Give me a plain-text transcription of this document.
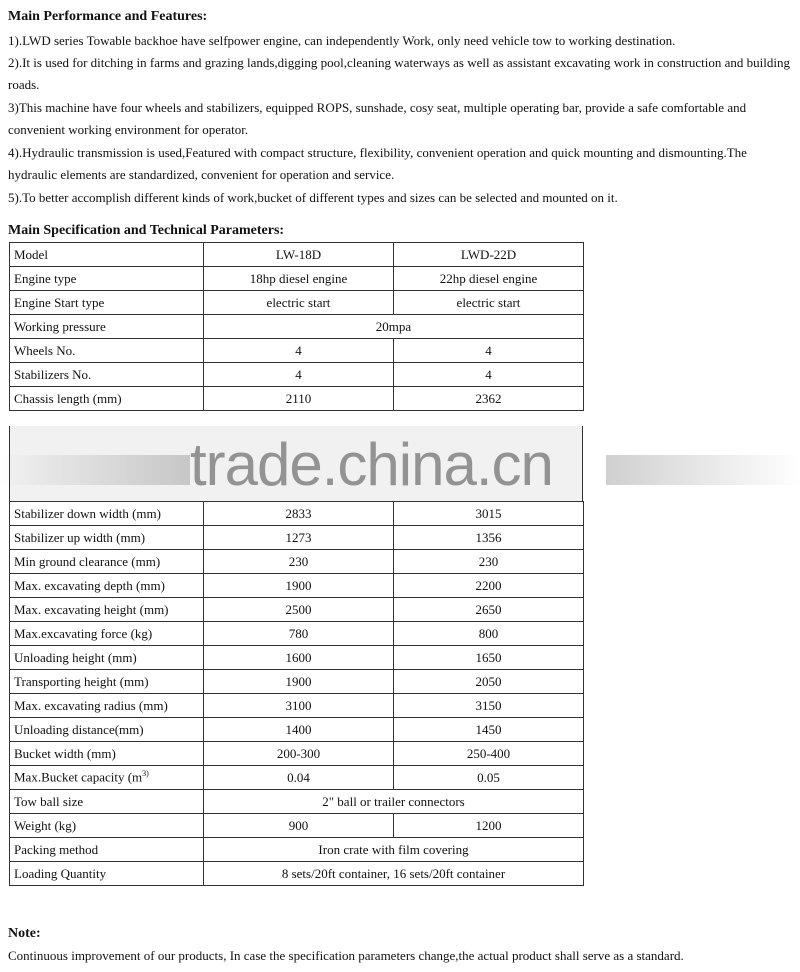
Main Performance and Features:
1).LWD series Towable backhoe have selfpower engine, can independently Work, only need vehicle tow to working destination.
2).It is used for ditching in farms and grazing lands,digging pool,cleaning waterways as well as assistant excavating work in construction and building roads.
3)This machine have four wheels and stabilizers, equipped ROPS, sunshade, cosy seat, multiple operating bar, provide a safe comfortable and convenient working environment for operator.
4).Hydraulic transmission is used,Featured with compact structure, flexibility, convenient operation and quick mounting and dismounting.The hydraulic elements are standardized, convenient for operation and service.
5).To better accomplish different kinds of work,bucket of different types and sizes can be selected and mounted on it.
Main Specification and Technical Parameters:
Model	LW-18D	LWD-22D
Engine type	18hp diesel engine	22hp diesel engine
Engine Start type	electric start	electric start
Working pressure	20mpa	
Wheels No.	4	4
Stabilizers No.	4	4
Chassis length (mm)	2110	2362
trade.china.cn
Stabilizer down width (mm)	2833	3015
Stabilizer up width (mm)	1273	1356
Min ground clearance (mm)	230	230
Max. excavating depth (mm)	1900	2200
Max. excavating height (mm)	2500	2650
Max.excavating force (kg)	780	800
Unloading height (mm)	1600	1650
Transporting height (mm)	1900	2050
Max. excavating radius (mm)	3100	3150
Unloading distance(mm)	1400	1450
Bucket width (mm)	200-300	250-400
Max.Bucket capacity ($m^{3)}$	0.04	0.05
Tow ball size	2" ball or trailer connectors	
Weight (kg)	900	1200
Packing method	Iron crate with film covering	
Loading Quantity	8 sets/20ft container, 16 sets/20ft container	
Note:
Continuous improvement of our products, In case the specification parameters change,the actual product shall serve as a standard.
